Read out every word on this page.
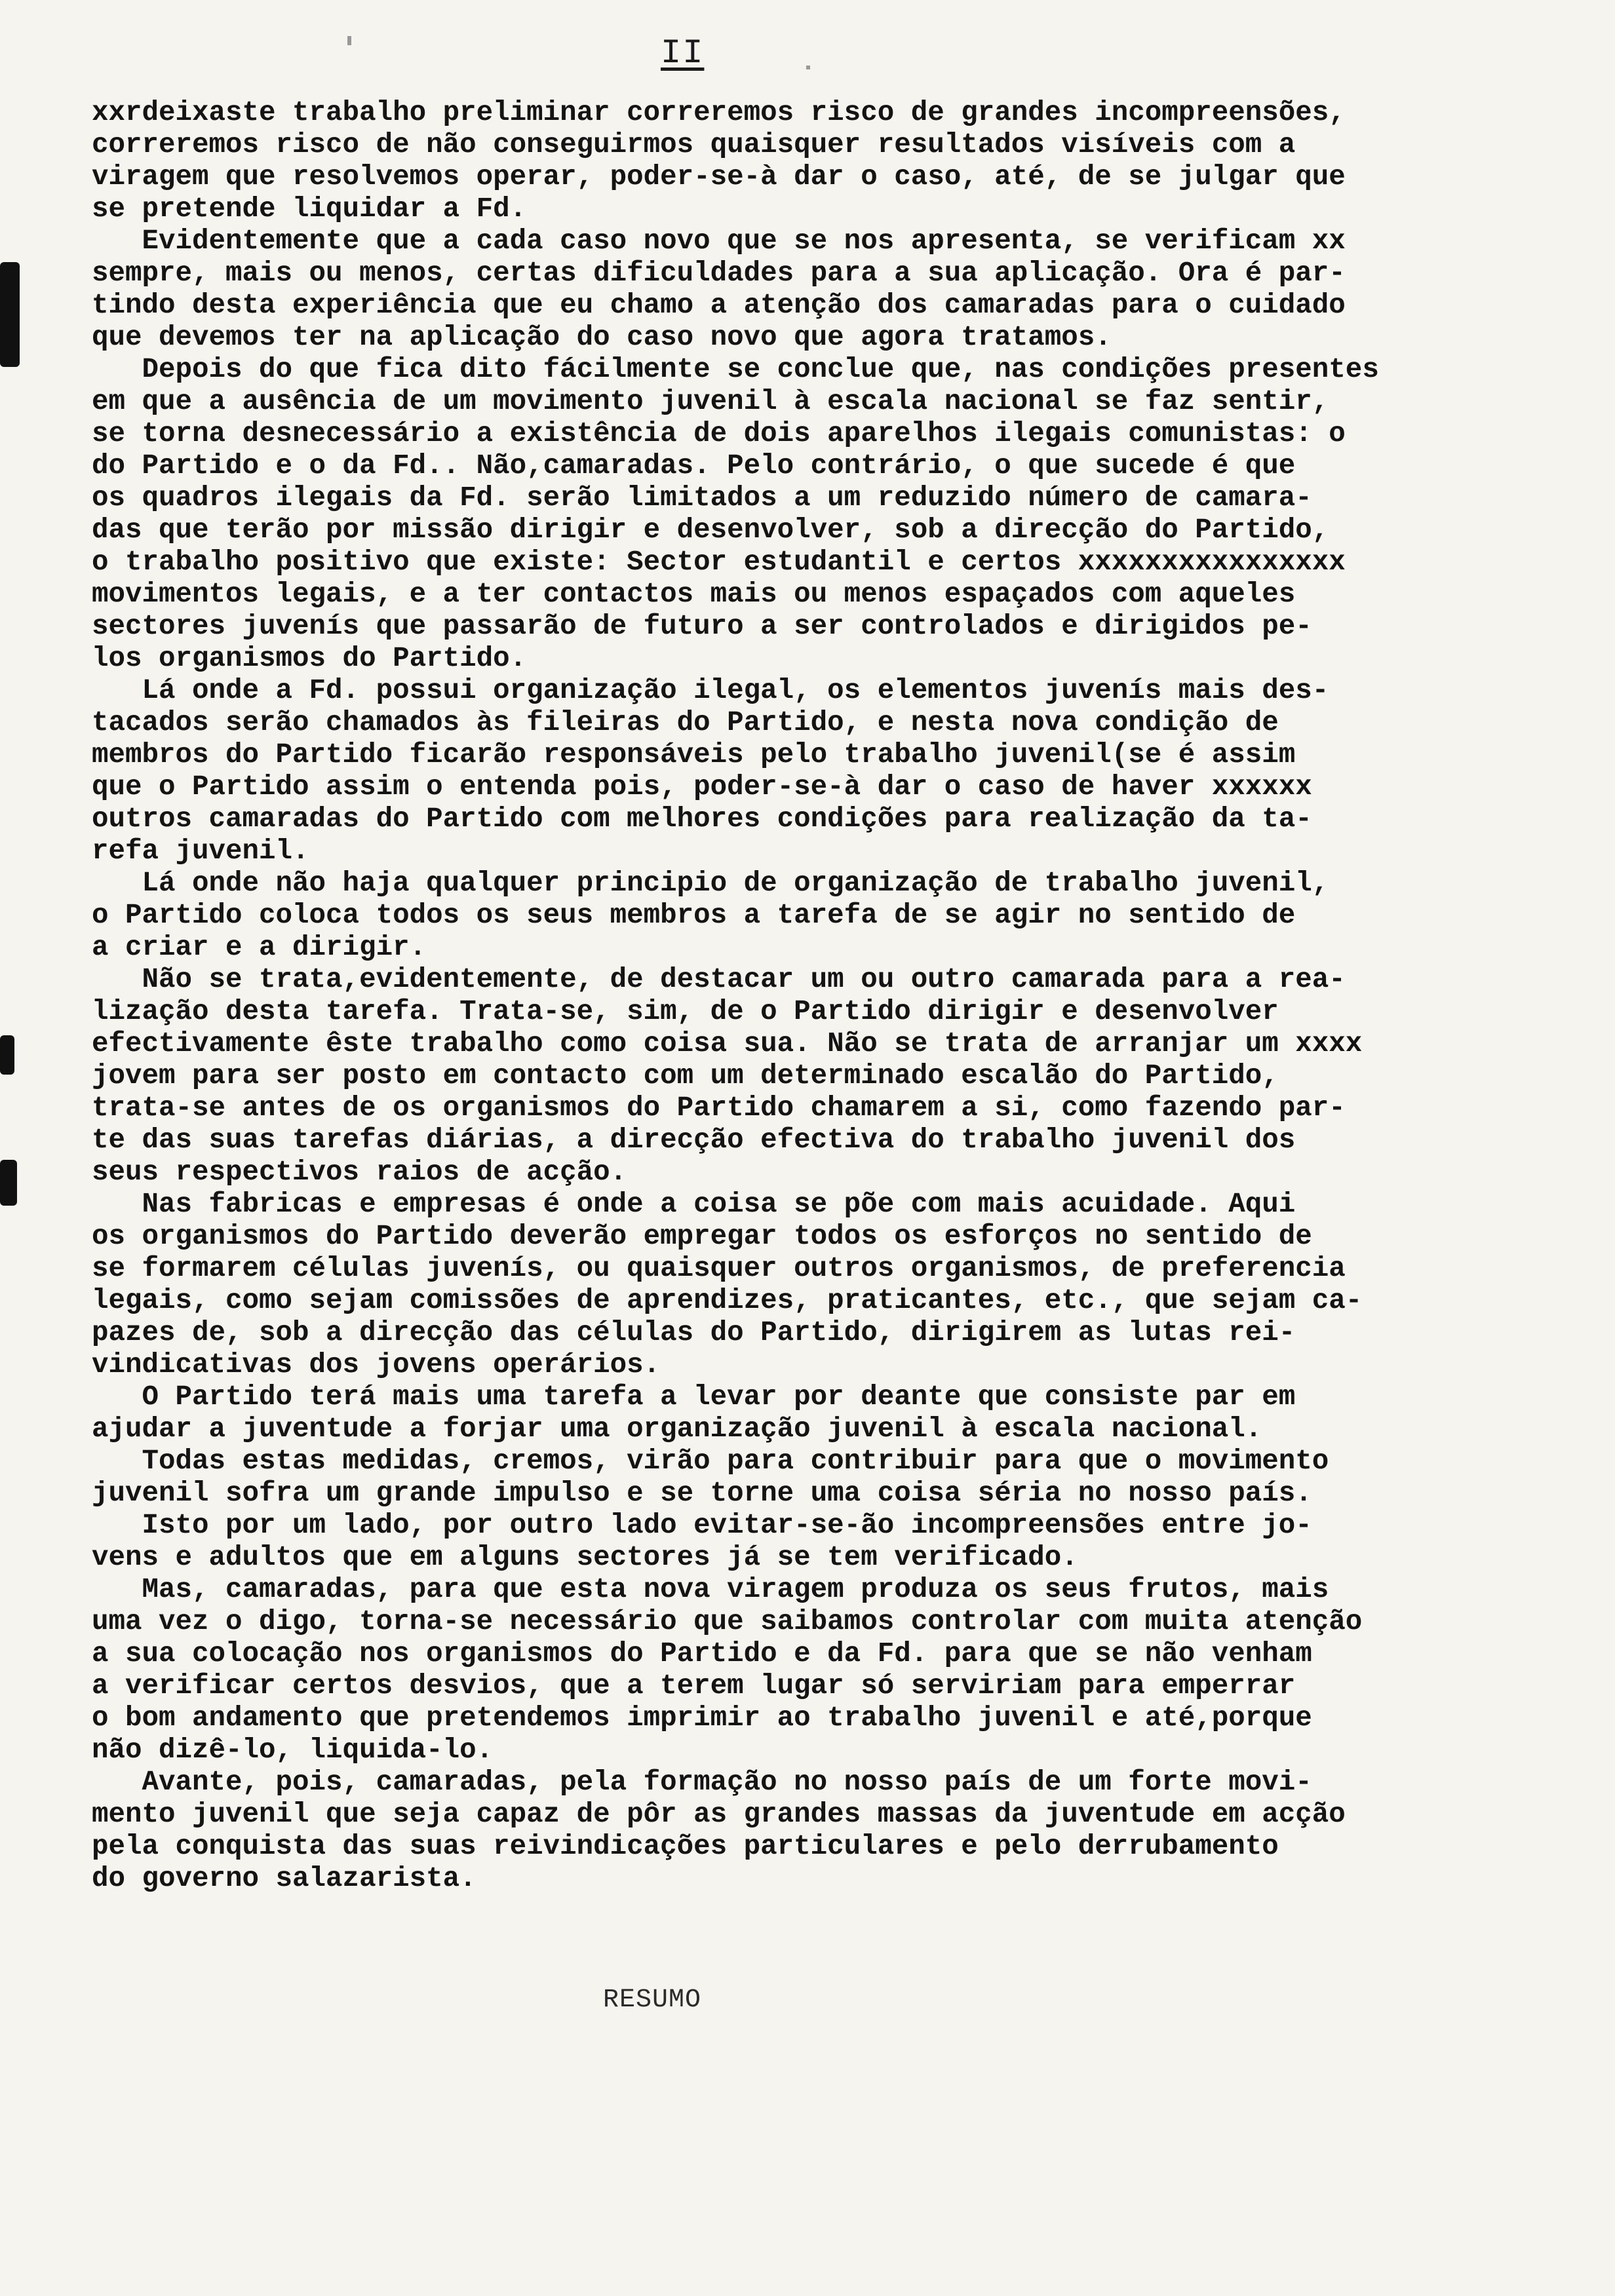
II
xxrdeixaste trabalho preliminar correremos risco de grandes incompreensões,
correremos risco de não conseguirmos quaisquer resultados visíveis com a
viragem que resolvemos operar, poder-se-à dar o caso, até, de se julgar que
se pretende liquidar a Fd.
Evidentemente que a cada caso novo que se nos apresenta, se verificam xx
sempre, mais ou menos, certas dificuldades para a sua aplicação. Ora é par-
tindo desta experiência que eu chamo a atenção dos camaradas para o cuidado
que devemos ter na aplicação do caso novo que agora tratamos.
Depois do que fica dito fácilmente se conclue que, nas condições presentes
em que a ausência de um movimento juvenil à escala nacional se faz sentir,
se torna desnecessário a existência de dois aparelhos ilegais comunistas: o
do Partido e o da Fd.. Não,camaradas. Pelo contrário, o que sucede é que
os quadros ilegais da Fd. serão limitados a um reduzido número de camara-
das que terão por missão dirigir e desenvolver, sob a direcção do Partido,
o trabalho positivo que existe: Sector estudantil e certos xxxxxxxxxxxxxxxx
movimentos legais, e a ter contactos mais ou menos espaçados com aqueles
sectores juvenís que passarão de futuro a ser controlados e dirigidos pe-
los organismos do Partido.
Lá onde a Fd. possui organização ilegal, os elementos juvenís mais des-
tacados serão chamados às fileiras do Partido, e nesta nova condição de
membros do Partido ficarão responsáveis pelo trabalho juvenil(se é assim
que o Partido assim o entenda pois, poder-se-à dar o caso de haver xxxxxx
outros camaradas do Partido com melhores condições para realização da ta-
refa juvenil.
Lá onde não haja qualquer principio de organização de trabalho juvenil,
o Partido coloca todos os seus membros a tarefa de se agir no sentido de
a criar e a dirigir.
Não se trata,evidentemente, de destacar um ou outro camarada para a rea-
lização desta tarefa. Trata-se, sim, de o Partido dirigir e desenvolver
efectivamente êste trabalho como coisa sua. Não se trata de arranjar um xxxx
jovem para ser posto em contacto com um determinado escalão do Partido,
trata-se antes de os organismos do Partido chamarem a si, como fazendo par-
te das suas tarefas diárias, a direcção efectiva do trabalho juvenil dos
seus respectivos raios de acção.
Nas fabricas e empresas é onde a coisa se põe com mais acuidade. Aqui
os organismos do Partido deverão empregar todos os esforços no sentido de
se formarem células juvenís, ou quaisquer outros organismos, de preferencia
legais, como sejam comissões de aprendizes, praticantes, etc., que sejam ca-
pazes de, sob a direcção das células do Partido, dirigirem as lutas rei-
vindicativas dos jovens operários.
O Partido terá mais uma tarefa a levar por deante que consiste par em
ajudar a juventude a forjar uma organização juvenil à escala nacional.
Todas estas medidas, cremos, virão para contribuir para que o movimento
juvenil sofra um grande impulso e se torne uma coisa séria no nosso país.
Isto por um lado, por outro lado evitar-se-ão incompreensões entre jo-
vens e adultos que em alguns sectores já se tem verificado.
Mas, camaradas, para que esta nova viragem produza os seus frutos, mais
uma vez o digo, torna-se necessário que saibamos controlar com muita atenção
a sua colocação nos organismos do Partido e da Fd. para que se não venham
a verificar certos desvios, que a terem lugar só serviriam para emperrar
o bom andamento que pretendemos imprimir ao trabalho juvenil e até,porque
não dizê-lo, liquida-lo.
Avante, pois, camaradas, pela formação no nosso país de um forte movi-
mento juvenil que seja capaz de pôr as grandes massas da juventude em acção
pela conquista das suas reivindicações particulares e pelo derrubamento
do governo salazarista.
RESUMO
